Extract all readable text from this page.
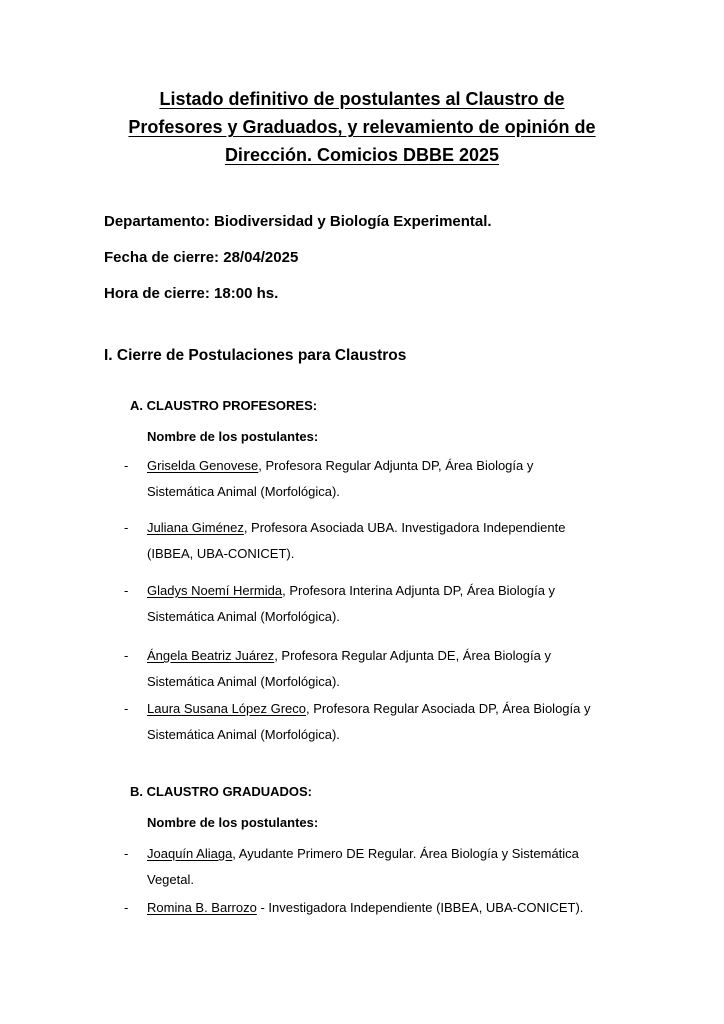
Listado definitivo de postulantes al Claustro de
Profesores y Graduados, y relevamiento de opinión de
Dirección. Comicios DBBE 2025
Departamento: Biodiversidad y Biología Experimental.
Fecha de cierre: 28/04/2025
Hora de cierre: 18:00 hs.
I. Cierre de Postulaciones para Claustros
A. CLAUSTRO PROFESORES:
Nombre de los postulantes:
- Griselda Genovese, Profesora Regular Adjunta DP, Área Biología y
Sistemática Animal (Morfológica).
- Juliana Giménez, Profesora Asociada UBA. Investigadora Independiente
(IBBEA, UBA-CONICET).
- Gladys Noemí Hermida, Profesora Interina Adjunta DP, Área Biología y
Sistemática Animal (Morfológica).
- Ángela Beatriz Juárez, Profesora Regular Adjunta DE, Área Biología y
Sistemática Animal (Morfológica).
- Laura Susana López Greco, Profesora Regular Asociada DP, Área Biología y
Sistemática Animal (Morfológica).
B. CLAUSTRO GRADUADOS:
Nombre de los postulantes:
- Joaquín Aliaga, Ayudante Primero DE Regular. Área Biología y Sistemática
Vegetal.
- Romina B. Barrozo - Investigadora Independiente (IBBEA, UBA-CONICET).
